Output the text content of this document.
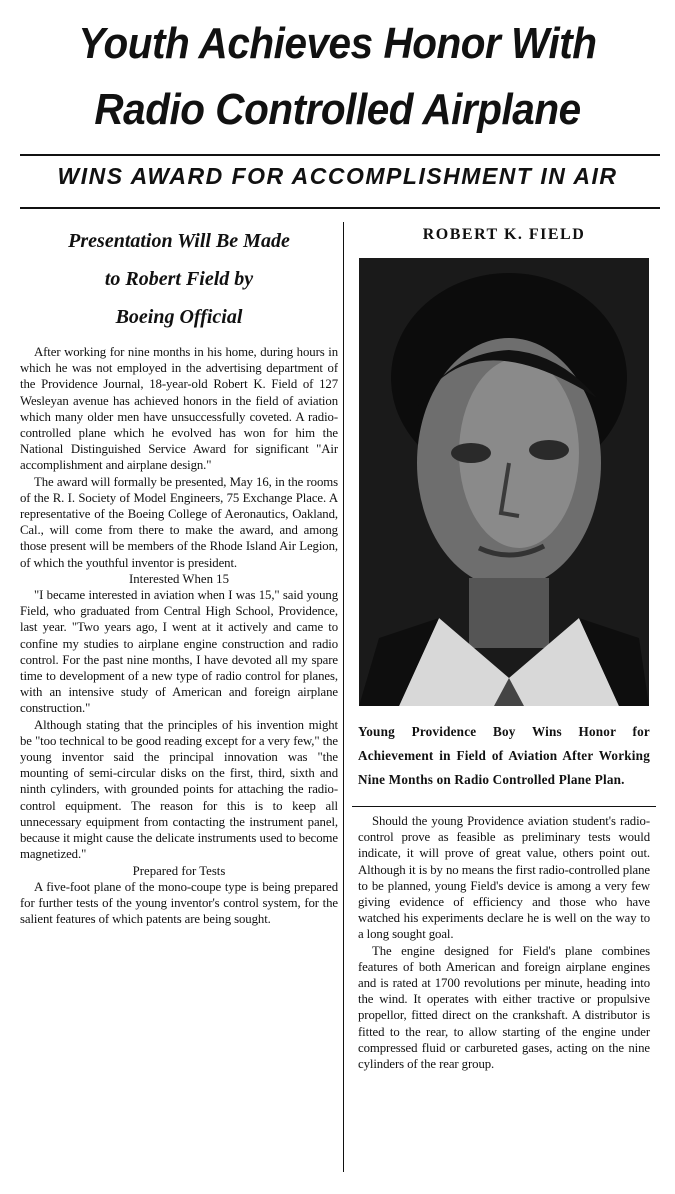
Youth Achieves Honor With
Radio Controlled Airplane
WINS AWARD FOR ACCOMPLISHMENT IN AIR
Presentation Will Be Made
to Robert Field by
Boeing Official

After working for nine months in his home, during hours in which he was not employed in the advertising department of the Providence Journal, 18-year-old Robert K. Field of 127 Wesleyan avenue has achieved honors in the field of aviation which many older men have unsuccessfully coveted. A radio-controlled plane which he evolved has won for him the National Distinguished Service Award for significant "Air accomplishment and airplane design."

The award will formally be presented, May 16, in the rooms of the R. I. Society of Model Engineers, 75 Exchange Place. A representative of the Boeing College of Aeronautics, Oakland, Cal., will come from there to make the award, and among those present will be members of the Rhode Island Air Legion, of which the youthful inventor is president.

Interested When 15

"I became interested in aviation when I was 15," said young Field, who graduated from Central High School, Providence, last year. "Two years ago, I went at it actively and came to confine my studies to airplane engine construction and radio control. For the past nine months, I have devoted all my spare time to development of a new type of radio control for planes, with an intensive study of American and foreign airplane construction."

Although stating that the principles of his invention might be "too technical to be good reading except for a very few," the young inventor said the principal innovation was "the mounting of semi-circular disks on the first, third, sixth and ninth cylinders, with grounded points for attaching the radio-control equipment. The reason for this is to keep all unnecessary equipment from contacting the instrument panel, because it might cause the delicate instruments used to become magnetized."

Prepared for Tests

A five-foot plane of the mono-coupe type is being prepared for further tests of the young inventor's control system, for the salient features of which patents are being sought.

ROBERT K. FIELD
Young Providence Boy Wins Honor for Achievement in Field of Aviation After Working Nine Months on Radio Controlled Plane Plan.

Should the young Providence aviation student's radio-control prove as feasible as preliminary tests would indicate, it will prove of great value, others point out. Although it is by no means the first radio-controlled plane to be planned, young Field's device is among a very few giving evidence of efficiency and those who have watched his experiments declare he is well on the way to a long sought goal.

The engine designed for Field's plane combines features of both American and foreign airplane engines and is rated at 1700 revolutions per minute, heading into the wind. It operates with either tractive or propulsive propellor, fitted direct on the crankshaft. A distributor is fitted to the rear, to allow starting of the engine under compressed fluid or carbureted gases, acting on the nine cylinders of the rear group.
